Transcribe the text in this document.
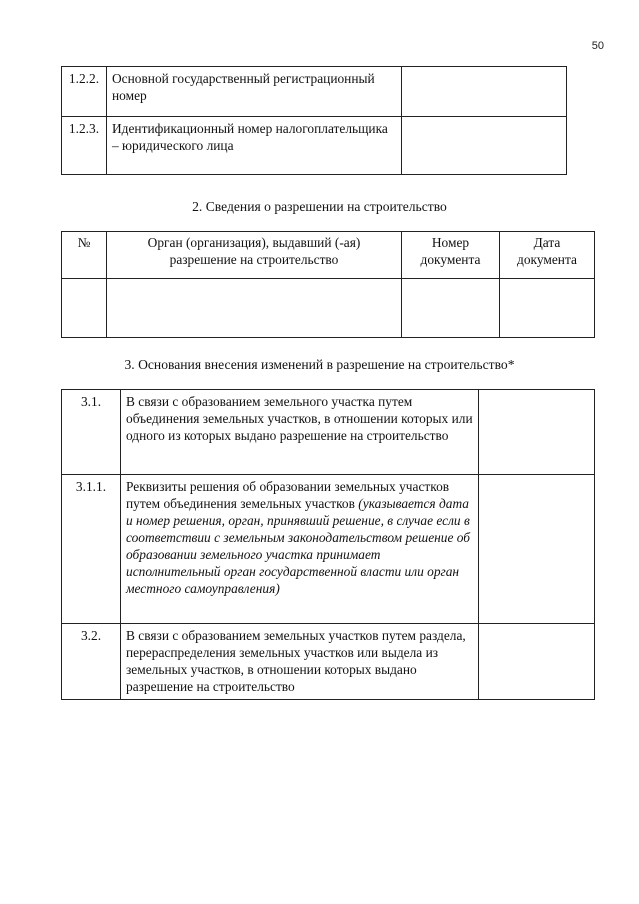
50
1.2.2.	Основной государственный регистрационный номер	
1.2.3.	Идентификационный номер налогоплательщика – юридического лица	
2. Сведения о разрешении на строительство
№	Орган (организация), выдавший (-ая) разрешение на строительство	Номер документа	Дата документа

3. Основания внесения изменений в разрешение на строительство*
3.1.	В связи с образованием земельного участка путем объединения земельных участков, в отношении которых или одного из которых выдано разрешение на строительство	
3.1.1.	Реквизиты решения об образовании земельных участков путем объединения земельных участков (указывается дата и номер решения, орган, принявший решение, в случае если в соответствии с земельным законодательством решение об образовании земельного участка принимает исполнительный орган государственной власти или орган местного самоуправления)	
3.2.	В связи с образованием земельных участков путем раздела, перераспределения земельных участков или выдела из земельных участков, в отношении которых выдано разрешение на строительство	
